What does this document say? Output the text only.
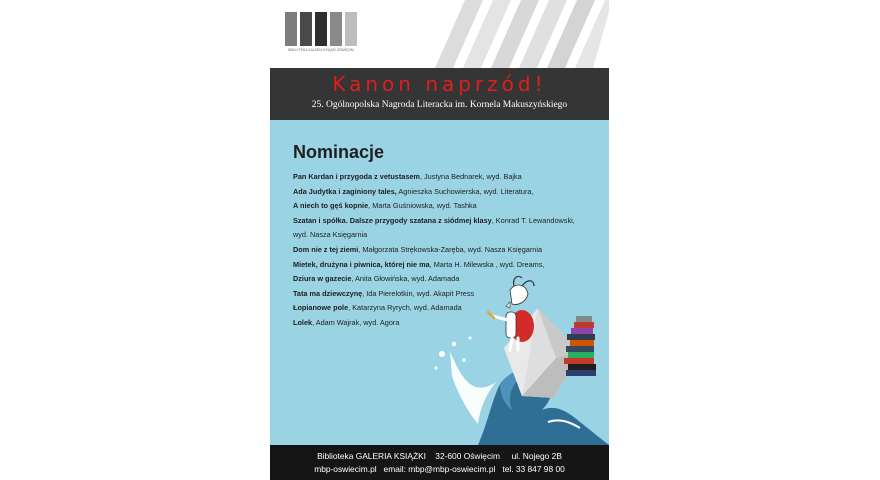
BIBLIOTEKA GALERIA KSIĄŻKI OŚWIĘCIM
Kanon naprzód!
25. Ogólnopolska Nagroda Literacka im. Kornela Makuszyńskiego
Nominacje
Pan Kardan i przygoda z vetustasem, Justyna Bednarek, wyd. Bajka
Ada Judytka i zaginiony tales, Agnieszka Suchowierska, wyd. Literatura,
A niech to gęś kopnie, Marta Guśniowska, wyd. Tashka
Szatan i spółka. Dalsze przygody szatana z siódmej klasy, Konrad T. Lewandowski,
wyd. Nasza Księgarnia
Dom nie z tej ziemi, Małgorzata Strękowska-Zaręba, wyd. Nasza Księgarnia
Mietek, drużyna i piwnica, której nie ma, Marta H. Milewska , wyd. Dreams,
Dziura w gazecie, Anita Głowińska, wyd. Adamada
Tata ma dziewczynę, Ida Pierelotkin, wyd. Akapit Press
Łopianowe pole, Katarzyna Ryrych, wyd. Adamada
Lolek, Adam Wajrak, wyd. Agora
Biblioteka GALERIA KSIĄŻKI    32-600 Oświęcim     ul. Nojego 2B
mbp-oswiecim.pl   email: mbp@mbp-oswiecim.pl   tel. 33 847 98 00
